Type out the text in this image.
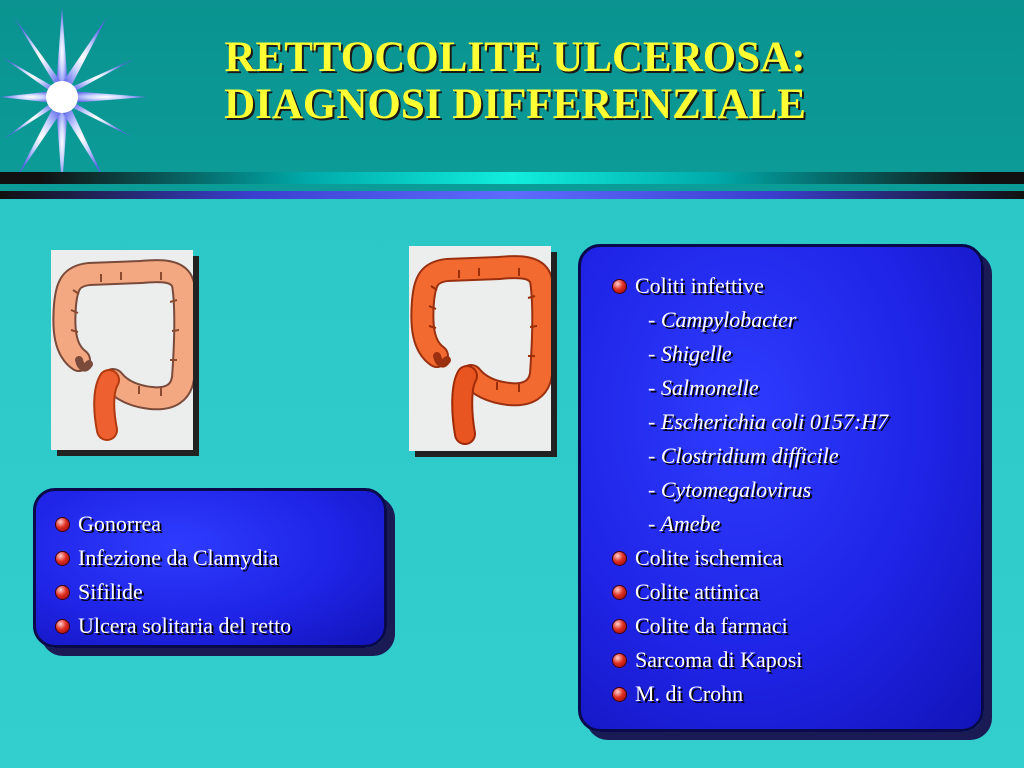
RETTOCOLITE ULCEROSA:
DIAGNOSI DIFFERENZIALE
Gonorrea
Infezione da Clamydia
Sifilide
Ulcera solitaria del retto
Coliti infettive
- Campylobacter
- Shigelle
- Salmonelle
- Escherichia coli 0157:H7
- Clostridium difficile
- Cytomegalovirus
- Amebe
Colite ischemica
Colite attinica
Colite da farmaci
Sarcoma di Kaposi
M. di Crohn
